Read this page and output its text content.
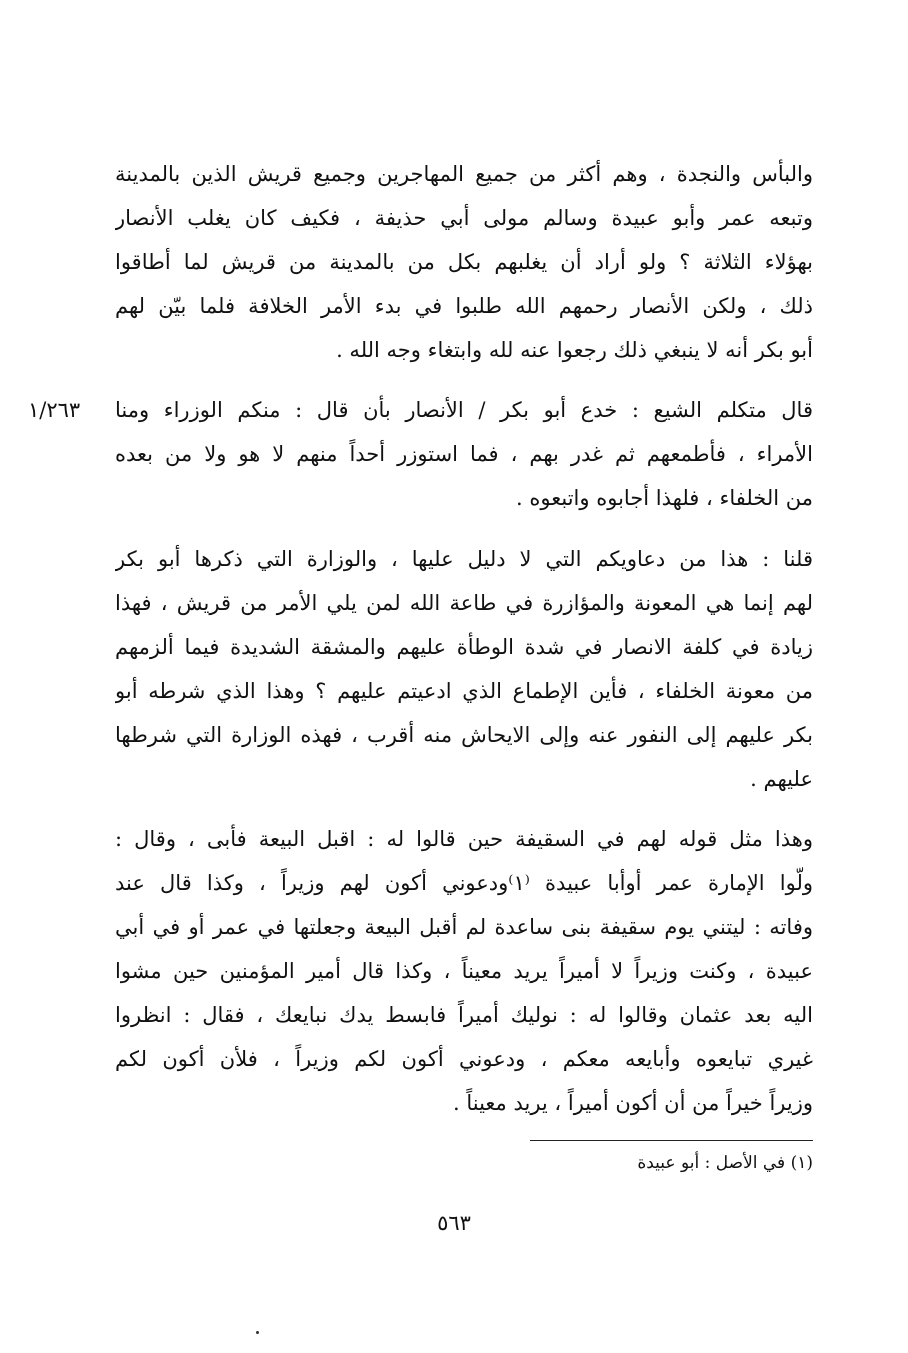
١/٢٦٣
والبأس والنجدة ، وهم أكثر من جميع المهاجرين وجميع قريش الذين بالمدينة
وتبعه عمر وأبو عبيدة وسالم مولى أبي حذيفة ، فكيف كان يغلب الأنصار
بهؤلاء الثلاثة ؟ ولو أراد أن يغلبهم بكل من بالمدينة من قريش لما أطاقوا
ذلك ، ولكن الأنصار رحمهم الله طلبوا في بدء الأمر الخلافة فلما بيّن لهم
أبو بكر أنه لا ينبغي ذلك رجعوا عنه لله وابتغاء وجه الله .
قال متكلم الشيع : خدع أبو بكر / الأنصار بأن قال : منكم الوزراء ومنا
الأمراء ، فأطمعهم ثم غدر بهم ، فما استوزر أحداً منهم لا هو ولا من بعده
من الخلفاء ، فلهذا أجابوه واتبعوه .
قلنا : هذا من دعاويكم التي لا دليل عليها ، والوزارة التي ذكرها أبو بكر
لهم إنما هي المعونة والمؤازرة في طاعة الله لمن يلي الأمر من قريش ، فهذا
زيادة في كلفة الانصار في شدة الوطأة عليهم والمشقة الشديدة فيما ألزمهم
من معونة الخلفاء ، فأين الإطماع الذي ادعيتم عليهم ؟ وهذا الذي شرطه أبو
بكر عليهم إلى النفور عنه وإلى الايحاش منه أقرب ، فهذه الوزارة التي شرطها
عليهم .
وهذا مثل قوله لهم في السقيفة حين قالوا له : اقبل البيعة فأبى ، وقال :
ولّوا الإمارة عمر أوأبا عبيدة ⁽١⁾ودعوني أكون لهم وزيراً ، وكذا قال عند
وفاته : ليتني يوم سقيفة بنى ساعدة لم أقبل البيعة وجعلتها في عمر أو في أبي
عبيدة ، وكنت وزيراً لا أميراً يريد معيناً ، وكذا قال أمير المؤمنين حين مشوا
اليه بعد عثمان وقالوا له : نوليك أميراً فابسط يدك نبايعك ، فقال : انظروا
غيري تبايعوه وأبايعه معكم ، ودعوني أكون لكم وزيراً ، فلأن أكون لكم
وزيراً خيراً من أن أكون أميراً ، يريد معيناً .
(١) في الأصل : أبو عبيدة
٥٦٣
